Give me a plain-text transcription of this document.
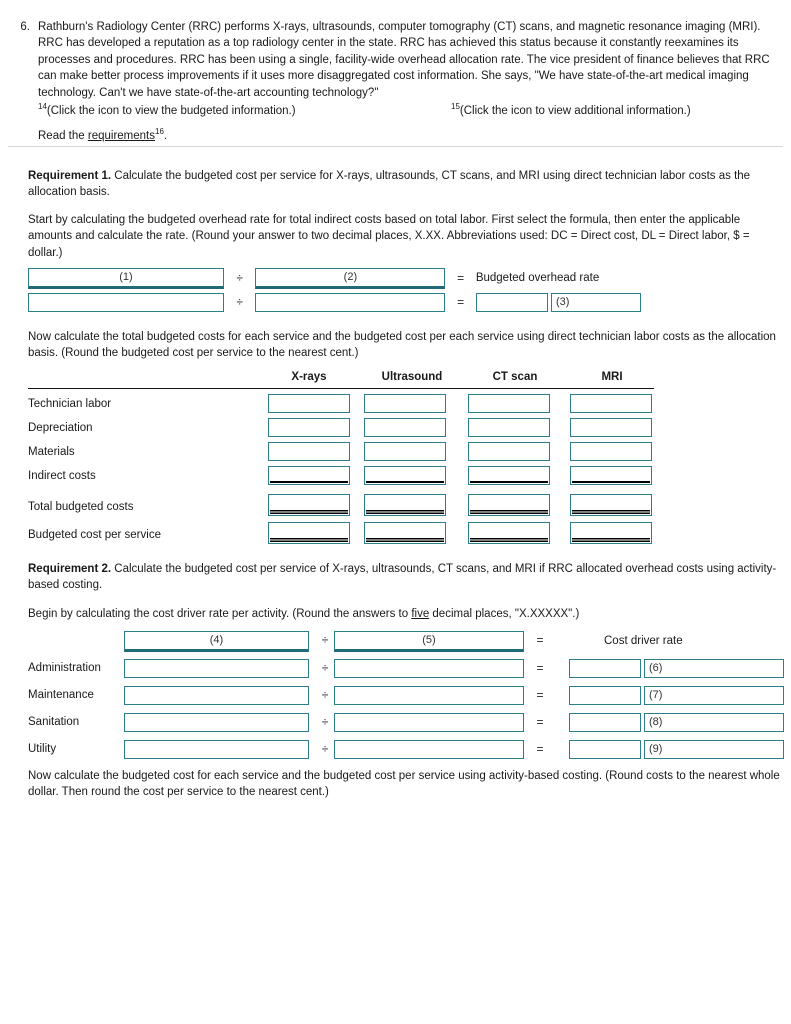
6. Rathburn's Radiology Center (RRC) performs X-rays, ultrasounds, computer tomography (CT) scans, and magnetic resonance imaging (MRI). RRC has developed a reputation as a top radiology center in the state. RRC has achieved this status because it constantly reexamines its processes and procedures. RRC has been using a single, facility-wide overhead allocation rate. The vice president of finance believes that RRC can make better process improvements if it uses more disaggregated cost information. She says, "We have state-of-the-art medical imaging technology. Can't we have state-of-the-art accounting technology?"
$^{14}$(Click the icon to view the budgeted information.)	$^{15}$(Click the icon to view additional information.)
Read the requirements$^{16}$.
Requirement 1. Calculate the budgeted cost per service for X-rays, ultrasounds, CT scans, and MRI using direct technician labor costs as the allocation basis.
Start by calculating the budgeted overhead rate for total indirect costs based on total labor. First select the formula, then enter the applicable amounts and calculate the rate. (Round your answer to two decimal places, X.XX. Abbreviations used: DC = Direct cost, DL = Direct labor, $ = dollar.)
(1)	÷	(2)	= Budgeted overhead rate
÷	=	(3)
Now calculate the total budgeted costs for each service and the budgeted cost per each service using direct technician labor costs as the allocation basis. (Round the budgeted cost per service to the nearest cent.)
X-rays	Ultrasound	CT scan	MRI
Technician labor
Depreciation
Materials
Indirect costs
Total budgeted costs
Budgeted cost per service
Requirement 2. Calculate the budgeted cost per service of X-rays, ultrasounds, CT scans, and MRI if RRC allocated overhead costs using activity-based costing.
Begin by calculating the cost driver rate per activity. (Round the answers to five decimal places, "X.XXXXX".)
(4)	÷	(5)	=	Cost driver rate
Administration	÷	=	(6)
Maintenance	÷	=	(7)
Sanitation	÷	=	(8)
Utility	÷	=	(9)
Now calculate the budgeted cost for each service and the budgeted cost per service using activity-based costing. (Round costs to the nearest whole dollar. Then round the cost per service to the nearest cent.)
